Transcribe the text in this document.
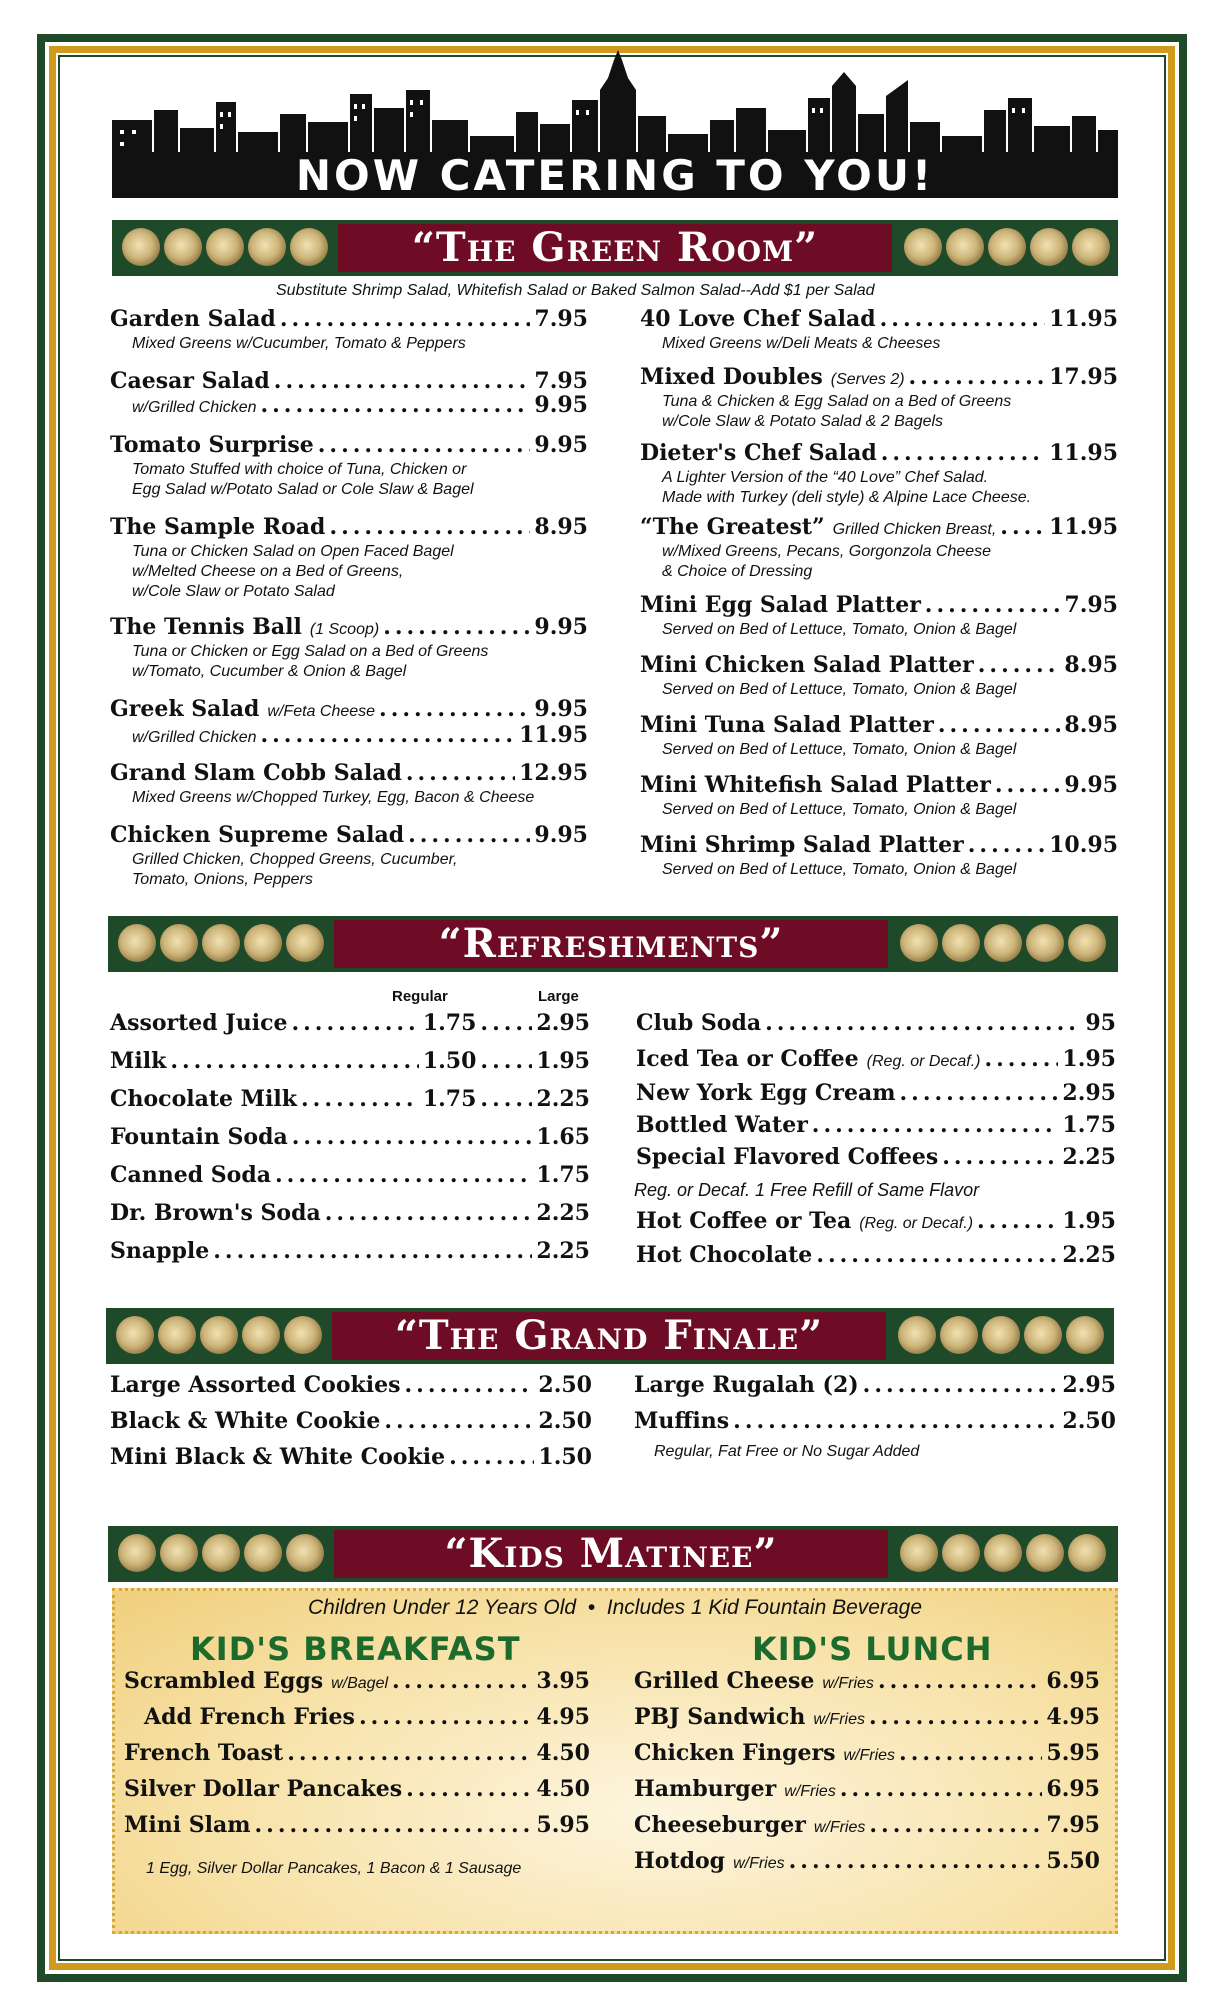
NOW CATERING TO YOU!
“The Green Room”
Substitute Shrimp Salad, Whitefish Salad or Baked Salmon Salad--Add $1 per Salad
Garden Salad .....	7.95
Mixed Greens w/Cucumber, Tomato & Peppers
Caesar Salad .....	7.95
w/Grilled Chicken .....	9.95
Tomato Surprise .....	9.95
Tomato Stuffed with choice of Tuna, Chicken or
Egg Salad w/Potato Salad or Cole Slaw & Bagel
The Sample Road .....	8.95
Tuna or Chicken Salad on Open Faced Bagel
w/Melted Cheese on a Bed of Greens,
w/Cole Slaw or Potato Salad
The Tennis Ball (1 Scoop) .....	9.95
Tuna or Chicken or Egg Salad on a Bed of Greens
w/Tomato, Cucumber & Onion & Bagel
Greek Salad w/Feta Cheese .....	9.95
w/Grilled Chicken .....	11.95
Grand Slam Cobb Salad .....	12.95
Mixed Greens w/Chopped Turkey, Egg, Bacon & Cheese
Chicken Supreme Salad .....	9.95
Grilled Chicken, Chopped Greens, Cucumber,
Tomato, Onions, Peppers
40 Love Chef Salad .....	11.95
Mixed Greens w/Deli Meats & Cheeses
Mixed Doubles (Serves 2) .....	17.95
Tuna & Chicken & Egg Salad on a Bed of Greens
w/Cole Slaw & Potato Salad & 2 Bagels
Dieter's Chef Salad .....	11.95
A Lighter Version of the “40 Love” Chef Salad.
Made with Turkey (deli style) & Alpine Lace Cheese.
“The Greatest” Grilled Chicken Breast, ..... 11.95
w/Mixed Greens, Pecans, Gorgonzola Cheese
& Choice of Dressing
Mini Egg Salad Platter .....	7.95
Served on Bed of Lettuce, Tomato, Onion & Bagel
Mini Chicken Salad Platter .....	8.95
Served on Bed of Lettuce, Tomato, Onion & Bagel
Mini Tuna Salad Platter .....	8.95
Served on Bed of Lettuce, Tomato, Onion & Bagel
Mini Whitefish Salad Platter .....	9.95
Served on Bed of Lettuce, Tomato, Onion & Bagel
Mini Shrimp Salad Platter .....	10.95
Served on Bed of Lettuce, Tomato, Onion & Bagel
“Refreshments”
Regular	Large
Assorted Juice .....	1.75 .....	2.95
Milk .....	1.50 .....	1.95
Chocolate Milk .....	1.75 .....	2.25
Fountain Soda .....	1.65
Canned Soda .....	1.75
Dr. Brown's Soda .....	2.25
Snapple .....	2.25
Club Soda .....	95
Iced Tea or Coffee (Reg. or Decaf.) .....	1.95
New York Egg Cream .....	2.95
Bottled Water .....	1.75
Special Flavored Coffees .....	2.25
Hot Coffee or Tea (Reg. or Decaf.) .....	1.95
Hot Chocolate .....	2.25
Reg. or Decaf. 1 Free Refill of Same Flavor
“The Grand Finale”
Large Assorted Cookies .....	2.50
Black & White Cookie .....	2.50
Mini Black & White Cookie .....	1.50
Large Rugalah (2) .....	2.95
Muffins .....	2.50
Regular, Fat Free or No Sugar Added
“Kids Matinee”
Children Under 12 Years Old  •  Includes 1 Kid Fountain Beverage
KID'S BREAKFAST	KID'S LUNCH
Scrambled Eggs w/Bagel .....	3.95
Add French Fries .....	4.95
French Toast .....	4.50
Silver Dollar Pancakes .....	4.50
Mini Slam .....	5.95
Grilled Cheese w/Fries .....	6.95
PBJ Sandwich w/Fries .....	4.95
Chicken Fingers w/Fries .....	5.95
Hamburger w/Fries .....	6.95
Cheeseburger w/Fries .....	7.95
Hotdog w/Fries .....	5.50
1 Egg, Silver Dollar Pancakes, 1 Bacon & 1 Sausage
